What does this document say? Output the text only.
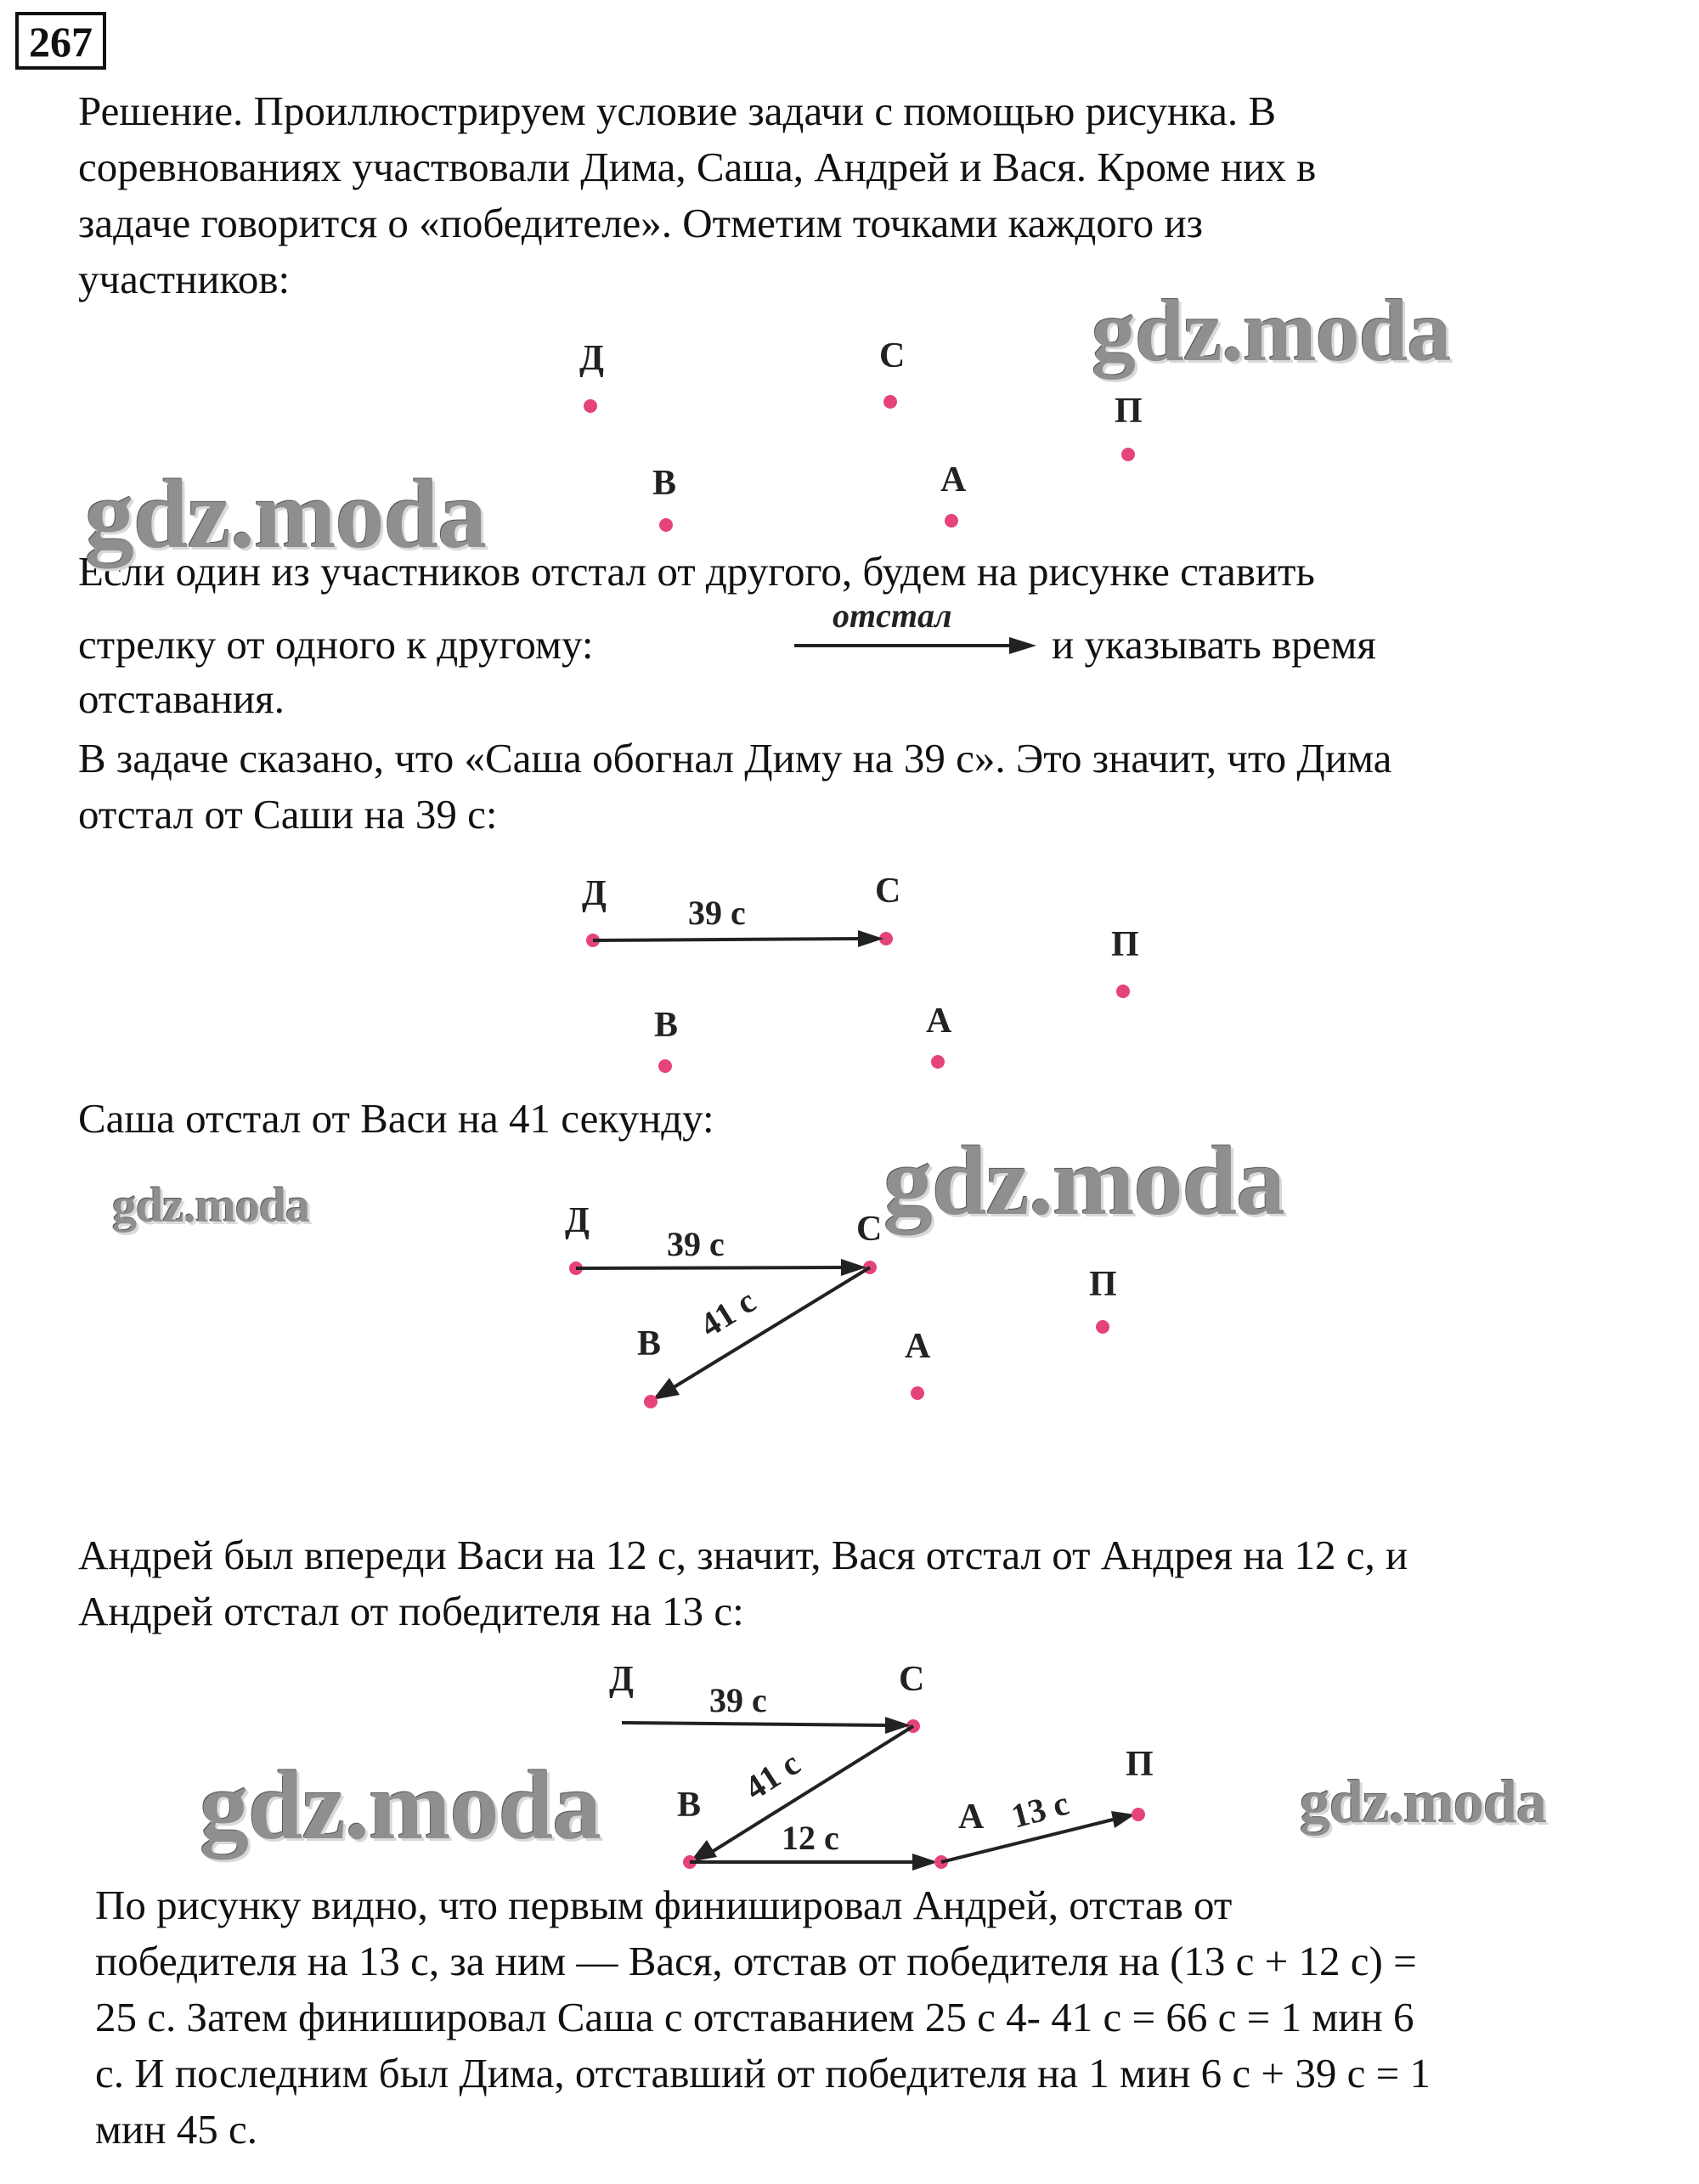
267
Решение. Проиллюстрируем условие задачи с помощью рисунка. В
соревнованиях участвовали Дима, Саша, Андрей и Вася. Кроме них в
задаче говорится о «победителе». Отметим точками каждого из
участников:
Д	С
П
В	А
Если один из участников отстал от другого, будем на рисунке ставить
стрелку от одного к другому:
отстал
и указывать время
отставания.
В задаче сказано, что «Саша обогнал Диму на 39 с». Это значит, что Дима
отстал от Саши на 39 с:
Д	С
39 с
П
В	А
Саша отстал от Васи на 41 секунду:
Д	С
39 с
41 с
В	А
П
Андрей был впереди Васи на 12 с, значит, Вася отстал от Андрея на 12 с, и
Андрей отстал от победителя на 13 с:
Д	С
39 с
41 с
В
12 с
А 13 с
П
По рисунку видно, что первым финишировал Андрей, отстав от
победителя на 13 с, за ним — Вася, отстав от победителя на (13 с + 12 с) =
25 с. Затем финишировал Саша с отставанием 25 с 4- 41 с = 66 с = 1 мин 6
с. И последним был Дима, отставший от победителя на 1 мин 6 с + 39 с = 1
мин 45 с.
gdz.moda
gdz.moda
gdz.moda
gdz.moda
gdz.moda	gdz.moda
